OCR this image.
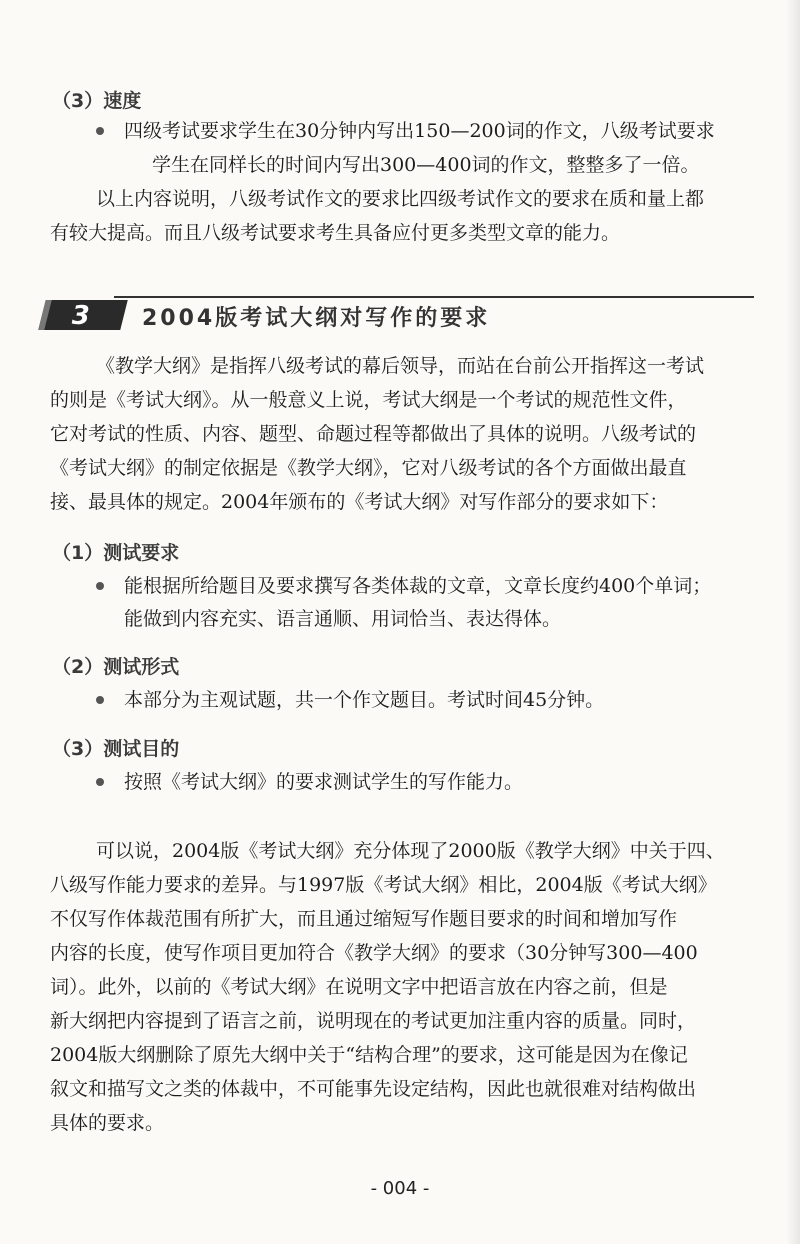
（3）速度
四级考试要求学生在30分钟内写出150—200词的作文，八级考试要求
学生在同样长的时间内写出300—400词的作文，整整多了一倍。
以上内容说明，八级考试作文的要求比四级考试作文的要求在质和量上都
有较大提高。而且八级考试要求考生具备应付更多类型文章的能力。
3 2004版考试大纲对写作的要求
《教学大纲》是指挥八级考试的幕后领导，而站在台前公开指挥这一考试
的则是《考试大纲》。从一般意义上说，考试大纲是一个考试的规范性文件，
它对考试的性质、内容、题型、命题过程等都做出了具体的说明。八级考试的
《考试大纲》的制定依据是《教学大纲》，它对八级考试的各个方面做出最直
接、最具体的规定。2004年颁布的《考试大纲》对写作部分的要求如下：
（1）测试要求
能根据所给题目及要求撰写各类体裁的文章，文章长度约400个单词；
能做到内容充实、语言通顺、用词恰当、表达得体。
（2）测试形式
本部分为主观试题，共一个作文题目。考试时间45分钟。
（3）测试目的
按照《考试大纲》的要求测试学生的写作能力。
可以说，2004版《考试大纲》充分体现了2000版《教学大纲》中关于四、
八级写作能力要求的差异。与1997版《考试大纲》相比，2004版《考试大纲》
不仅写作体裁范围有所扩大，而且通过缩短写作题目要求的时间和增加写作
内容的长度，使写作项目更加符合《教学大纲》的要求（30分钟写300—400
词）。此外，以前的《考试大纲》在说明文字中把语言放在内容之前，但是
新大纲把内容提到了语言之前，说明现在的考试更加注重内容的质量。同时，
2004版大纲删除了原先大纲中关于“结构合理”的要求，这可能是因为在像记
叙文和描写文之类的体裁中，不可能事先设定结构，因此也就很难对结构做出
具体的要求。
- 004 -
